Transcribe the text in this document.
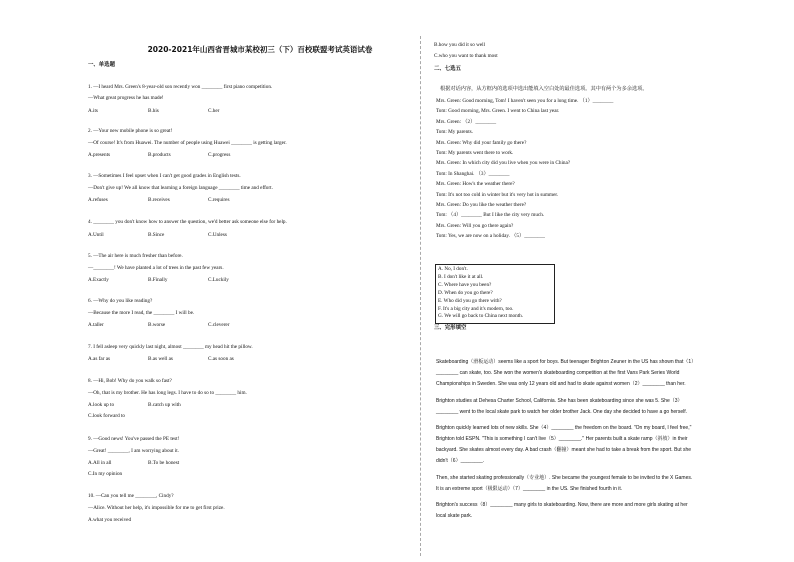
2020-2021年山西省晋城市某校初三（下）百校联盟考试英语试卷
一、单选题
1. —I heard Mrs. Green's 8-year-old son recently won ________ first piano competition.
—What great progress he has made!
A.its	B.his	C.her
2. —Your new mobile phone is so great!
—Of course! It's from Huawei. The number of people using Huawei ________ is getting larger.
A.presents	B.products	C.progress
3. —Sometimes I feel upset when I can't get good grades in English tests.
—Don't give up! We all know that learning a foreign language ________ time and effort.
A.refuses	B.receives	C.requires
4. ________ you don't know how to answer the question, we'd better ask someone else for help.
A.Until	B.Since	C.Unless
5. —The air here is much fresher than before.
—________! We have planted a lot of trees in the past few years.
A.Exactly	B.Finally	C.Luckily
6. —Why do you like reading?
—Because the more I read, the ________ I will be.
A.taller	B.worse	C.cleverer
7. I fell asleep very quickly last night, almost ________ my head hit the pillow.
A.as far as	B.as well as	C.as soon as
8. —Hi, Bob! Why do you walk so fast?
—Oh, that is my brother. He has long legs. I have to do so to ________ him.
A.look up to	B.catch up with
C.look forward to
9. —Good news! You've passed the PE test!
—Great! ________, I am worrying about it.
A.All in all	B.To be honest
C.In my opinion
10. —Can you tell me ________, Cindy?
—Alice. Without her help, it's impossible for me to get first prize.
A.what you received
B.how you did it so well
C.who you want to thank most
二、七选五
根据对话内容，从方框内的选项中选出能填入空白处的最佳选项。其中有两个为多余选项。
Mrs. Green: Good morning, Tom! I haven't seen you for a long time. （1）________
Tom: Good morning, Mrs. Green. I went to China last year.
Mrs. Green: （2）________
Tom: My parents.
Mrs. Green: Why did your family go there?
Tom: My parents went there to work.
Mrs. Green: In which city did you live when you were in China?
Tom: In Shanghai. （3）________
Mrs. Green: How's the weather there?
Tom: It's not too cold in winter but it's very hot in summer.
Mrs. Green: Do you like the weather there?
Tom: （4）________ But I like the city very much.
Mrs. Green: Will you go there again?
Tom: Yes, we are now on a holiday. （5）________
A. No, I don't.
B. I don't like it at all.
C. Where have you been?
D. When do you go there?
E. Who did you go there with?
F. It's a big city and it's modern, too.
G. We will go back to China next month.
三、完形填空
Skateboarding（滑板运动）seems like a sport for boys. But teenager Brighton Zeuner in the US has shown that（1）
________ can skate, too. She won the women's skateboarding competition at the first Vans Park Series World
Championships in Sweden. She was only 12 years old and had to skate against women（2）________ than her.
Brighton studies at Dehesa Charter School, California. She has been skateboarding since she was 5. She（3）
________ went to the local skate park to watch her older brother Jack. One day she decided to have a go herself.
Brighton quickly learned lots of new skills. She（4）________ the freedom on the board. "On my board, I feel free,"
Brighton told ESPN. "This is something I can't live（5）________." Her parents built a skate ramp（斜坡）in their
backyard. She skates almost every day. A bad crash（翻撞）meant she had to take a break from the sport. But she
didn't（6）________.
Then, she started skating professionally（专业地）. She became the youngest female to be invited to the X Games.
It is an extreme sport（极限运动）（7）________ in the US. She finished fourth in it.
Brighton's success（8）________ many girls to skateboarding. Now, there are more and more girls skating at her
local skate park.
